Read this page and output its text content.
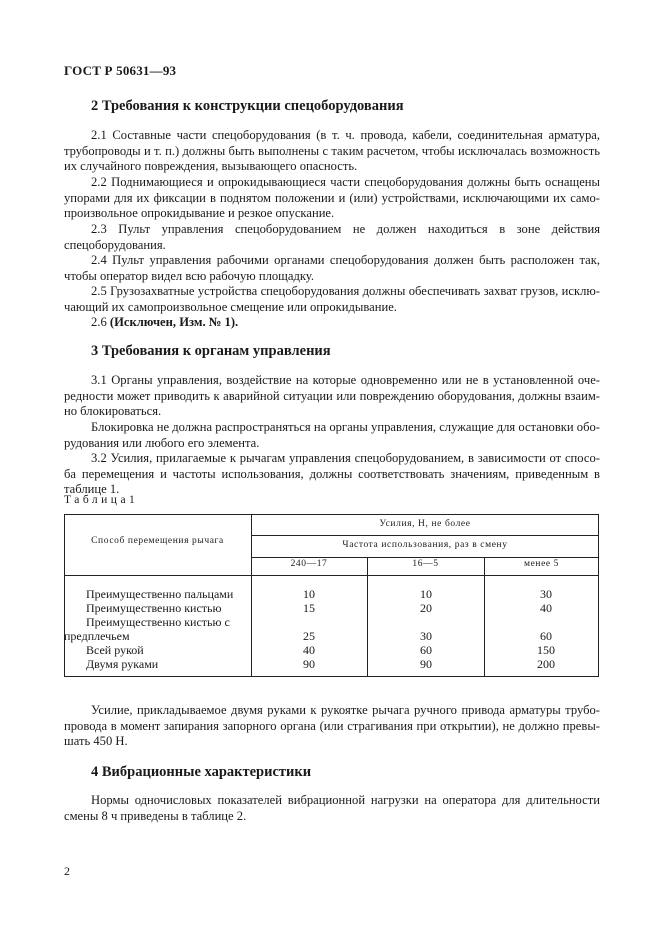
ГОСТ Р 50631—93
2 Требования к конструкции спецоборудования
2.1 Составные части спецоборудования (в т. ч. провода, кабели, соединительная арматура, трубопроводы и т. п.) должны быть выполнены с таким расчетом, чтобы исключалась возможность их случайного повреждения, вызывающего опасность.
2.2 Поднимающиеся и опрокидывающиеся части спецоборудования должны быть оснащены упорами для их фиксации в поднятом положении и (или) устройствами, исключающими их самопроизвольное опрокидывание и резкое опускание.
2.3 Пульт управления спецоборудованием не должен находиться в зоне действия спецоборудования.
2.4 Пульт управления рабочими органами спецоборудования должен быть расположен так, чтобы оператор видел всю рабочую площадку.
2.5 Грузозахватные устройства спецоборудования должны обеспечивать захват грузов, исключающий их самопроизвольное смещение или опрокидывание.
2.6 (Исключен, Изм. № 1).
3 Требования к органам управления
3.1 Органы управления, воздействие на которые одновременно или не в установленной очередности может приводить к аварийной ситуации или повреждению оборудования, должны взаимно блокироваться.
Блокировка не должна распространяться на органы управления, служащие для остановки оборудования или любого его элемента.
3.2 Усилия, прилагаемые к рычагам управления спецоборудованием, в зависимости от способа перемещения и частоты использования, должны соответствовать значениям, приведенным в таблице 1.
Таблица1
Способ перемещения рычага
Усилия, Н, не более
Частота использования, раз в смену
240—17	16—5	менее 5
Преимущественно пальцами	10	10	30
Преимущественно кистью	15	20	40
Преимущественно кистью с
предплечьем	25	30	60
Всей рукой	40	60	150
Двумя руками	90	90	200
Усилие, прикладываемое двумя руками к рукоятке рычага ручного привода арматуры трубопровода в момент запирания запорного органа (или страгивания при открытии), не должно превышать 450 Н.
4 Вибрационные характеристики
Нормы одночисловых показателей вибрационной нагрузки на оператора для длительности смены 8 ч приведены в таблице 2.
2
